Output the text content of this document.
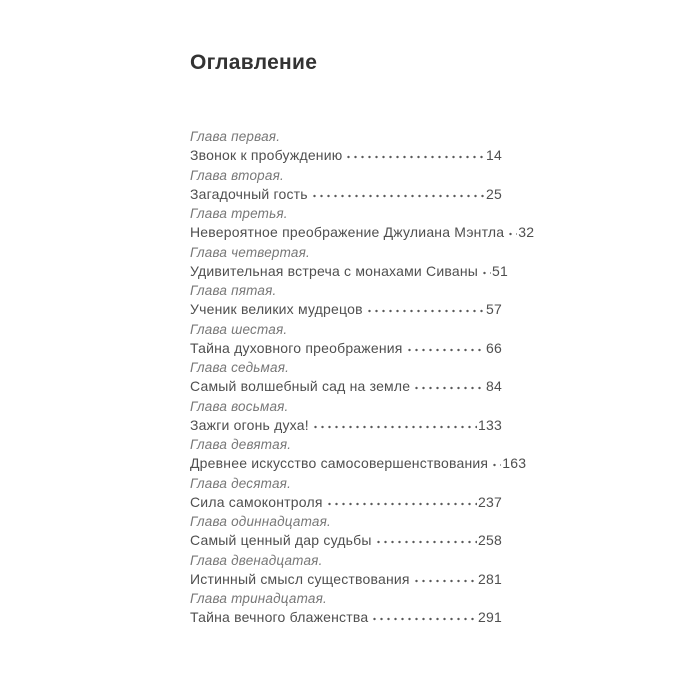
Оглавление
Глава первая.
Звонок к пробуждению	14
Глава вторая.
Загадочный гость	25
Глава третья.
Невероятное преображение Джулиана Мэнтла 32
Глава четвертая.
Удивительная встреча с монахами Сиваны 51
Глава пятая.
Ученик великих мудрецов	57
Глава шестая.
Тайна духовного преображения	66
Глава седьмая.
Самый волшебный сад на земле	84
Глава восьмая.
Зажги огонь духа!	133
Глава девятая.
Древнее искусство самосовершенствования 163
Глава десятая.
Сила самоконтроля	237
Глава одиннадцатая.
Самый ценный дар судьбы	258
Глава двенадцатая.
Истинный смысл существования	281
Глава тринадцатая.
Тайна вечного блаженства	291
